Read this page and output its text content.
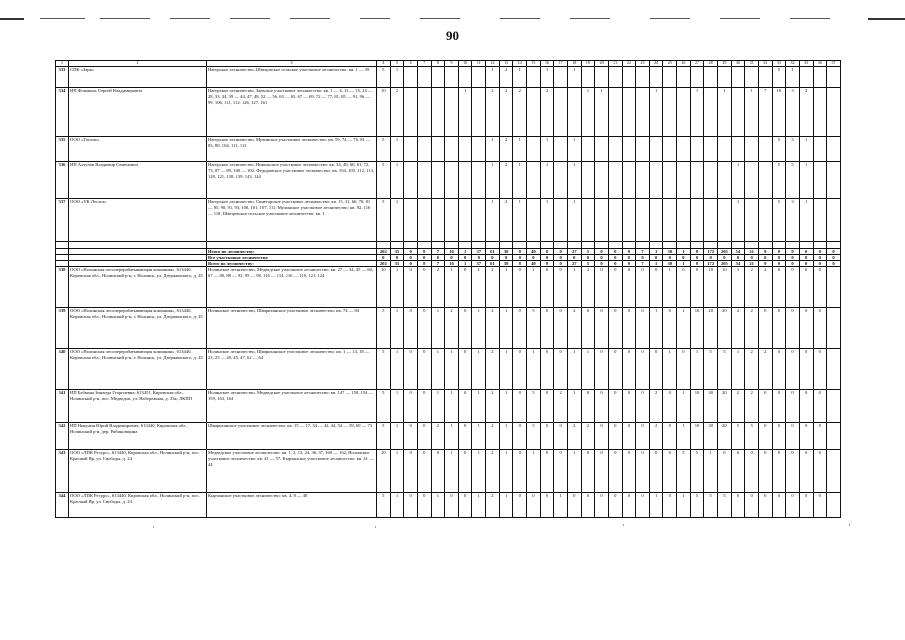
90
1	2	3	4	5	6	7	8	9	10	11	12	13	14	15	16	17	18	19	20	21	22	23	24	25	26	27	28	29	30	31	32	33	34	35	36	37
333	СПК «Заря»	Нагорское лесничество, Швецовское сельское участковое лесничество: кв. 1 — 39	5	1							1	2	1		1		1															5	1			
334	ИП Фоминых Сергей Владимирович	Нагорское лесничество, Заевское участковое лесничество: кв. 1 — 4, 11 — 15, 24 — 28, 33, 34, 39 — 44, 47, 48, 52 — 56, 63 — 65, 67 — 69, 72 — 77, 81, 85 — 91, 96 — 99, 106, 111, 112, 126, 127, 161	10	2					1		2	2	2		2			1	1				1			1		1		1	7	10	3	2		
335	ООО «Тополь»	Нагорское лесничество, Мулинское участковое лесничество: кв. 59, 74 — 76, 81 — 83, 89, 104, 111, 112	5	1							1	2	1		1		1															5	3	1		
336	ИП Ахтулов Владимир Семенович	Нагорское лесничество, Никольское участковое лесничество: кв. 34, 49, 60, 61, 72, 73, 87 — 89, 100 — 102, Федоровское участковое лесничество: кв. 104, 105, 112, 113, 120, 121, 138, 139, 143, 144	5	1							1	2	1		1		1												1			5	5	1		
337	ООО «УК Лесхоз»	Нагорское лесничество, Синегорское участковое лесничество: кв. 15, 31, 66, 70, 81 — 85, 90, 91, 93, 100, 101, 107, 111, Мулинское участковое лесничество: кв. 92, 116 — 118, Швецовское сельское участковое лесничество: кв. 1	5	1							1	2	1		1		1												1			5	3	1		

		Итого по лесничеству:	202	35	0	8	7	16	1	37	61	38	8	40	8	0	27	5	0	0	0	7	1	30	1	8	172	205	54	21	9	0	0	0	0	0
		Все участковые лесничества	0	0	0	0	0	0	0	0	0	0	0	0	0	0	0	0	0	0	0	0	0	0	0	0	0	0	0	0	0	0	0	0	0	0
		Всего по лесничеству:	202	35	0	8	7	16	1	37	61	38	8	40	8	0	27	5	0	0	0	7	1	30	1	8	172	205	54	21	9	0	0	0	0	0
338	ООО «Нолинская лесоперерабатывающая компания», 613440, Кировская обл., Нолинский р-н, г. Нолинск, ул. Дзержинского, д. 45	Нолинское лесничество, Медведское участковое лесничество: кв. 27 — 34, 45 — 60, 67 — 80, 88 — 92, 95 — 98, 116 — 114, 116 — 119, 121, 124	10	1	0	0	2	1	0	1	2	1	0	1	0	0	1	2	0	0	0	0	0	1	0	0	10	10	1	2	2	0	0	0	0	
339	ООО «Нолинская лесоперерабатывающая компания», 613440, Кировская обл., Нолинский р-н, г. Нолинск, ул. Дзержинского, д. 45	Нолинское лесничество, Швариханское участковое лесничество: кв. 74 — 84	5	1	0	0	1	2	0	1	2	1	0	5	0	0	2	0	0	0	0	0	1	0	1	10	20	20	2	2	0	0	0	0	0	
340	ООО «Нолинская лесоперерабатывающая компания», 613440, Кировская обл., Нолинский р-н, г. Нолинск, ул. Дзержинского, д. 45	Нолинское лесничество, Швариханское участковое лесничество: кв. 1 — 14, 18 — 23, 25 — 28, 45, 47, 62 — 64	5	1	0	0	1	1	0	1	2	1	0	1	0	0	1	1	0	0	0	0	0	1	0	1	5	5	1	2	2	0	0	0	0	
341	ИП Бабкина Зинаида Георгиевна; 613451, Кировская обл., Нолинский р-н, пос. Медведок, ул. Набережная, д. 33к; ЛКПП	Нолинское лесничество, Медведское участковое лесничество: кв. 147 — 150, 154 — 159, 163, 164	5	1	0	0	1	1	0	1	2	1	0	5	0	2	1	0	0	0	0	0	2	0	1	10	30	20	2	2	0	0	0	0	0	
342	ИП Никулин Юрий Владимирович; 613440, Кировская обл., Нолинский р-н, дер. Рябиновщина	Швариханское участковое лесничество: кв. 15 — 17, 34 — 42, 44, 54 — 59, 69 — 73	5	1	0	0	2	1	0	1	2	1	0	5	0	0	2	2	0	0	0	0	2	0	1	10	30	20	5	5	0	0	0	0	0	
343	ООО «ЛПК Ресурс», 613440, Кировская обл., Нолинский р-н, пос. Красный Яр, ул. Свободы, д. 24	Медведское участковое лесничество: кв. 1, 2, 13, 24, 36, 37, 160 — 162, Нолинское участковое лесничество: кв. 41 — 57, Кырчанское участковое лесничество: кв. 41 — 44	10	1	0	0	0	1	0	1	2	1	0	1	0	0	1	0	0	0	0	0	0	0	5	5	1	0	6	0	0	0	0	0	0	
344	ООО «ЛПК Ресурс», 613440, Кировская обл., Нолинский р-н, пос. Красный Яр, ул. Свободы, д. 24	Кырчанское участковое лесничество: кв. 4, 8 — 40	5	1	0	0	1	0	0	1	2	1	0	0	0	1	0	0	0	0	0	0	1	0	1	5	5	5	0	0	0	0	0	0	0	
·	·	·	·
